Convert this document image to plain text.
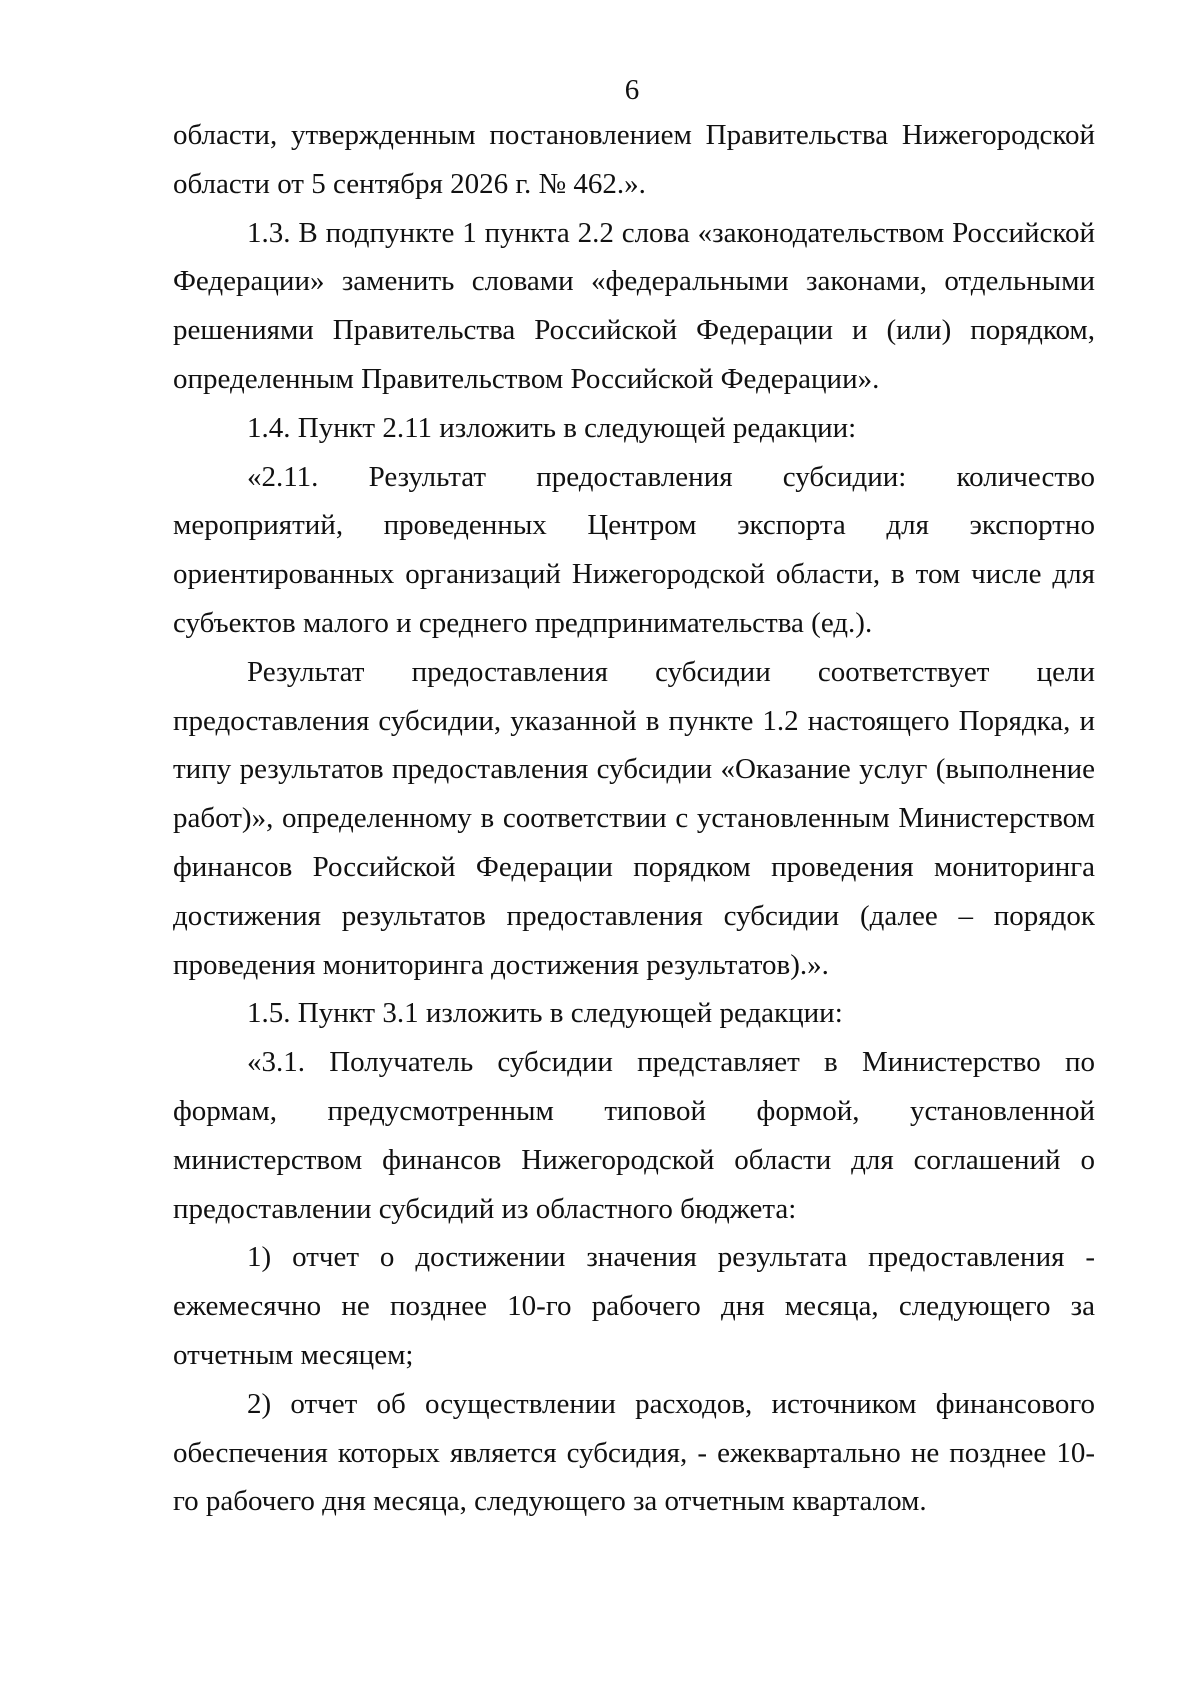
6

области, утвержденным постановлением Правительства Нижегородской области от 5 сентября 2026 г. № 462.».

1.3. В подпункте 1 пункта 2.2 слова «законодательством Российской Федерации» заменить словами «федеральными законами, отдельными решениями Правительства Российской Федерации и (или) порядком, определенным Правительством Российской Федерации».

1.4. Пункт 2.11 изложить в следующей редакции:

«2.11. Результат предоставления субсидии: количество мероприятий, проведенных Центром экспорта для экспортно ориентированных организаций Нижегородской области, в том числе для субъектов малого и среднего предпринимательства (ед.).

Результат предоставления субсидии соответствует цели предоставления субсидии, указанной в пункте 1.2 настоящего Порядка, и типу результатов предоставления субсидии «Оказание услуг (выполнение работ)», определенному в соответствии с установленным Министерством финансов Российской Федерации порядком проведения мониторинга достижения результатов предоставления субсидии (далее – порядок проведения мониторинга достижения результатов).».

1.5. Пункт 3.1 изложить в следующей редакции:

«3.1. Получатель субсидии представляет в Министерство по формам, предусмотренным типовой формой, установленной министерством финансов Нижегородской области для соглашений о предоставлении субсидий из областного бюджета:

1) отчет о достижении значения результата предоставления - ежемесячно не позднее 10-го рабочего дня месяца, следующего за отчетным месяцем;

2) отчет об осуществлении расходов, источником финансового обеспечения которых является субсидия, - ежеквартально не позднее 10-го рабочего дня месяца, следующего за отчетным кварталом.
